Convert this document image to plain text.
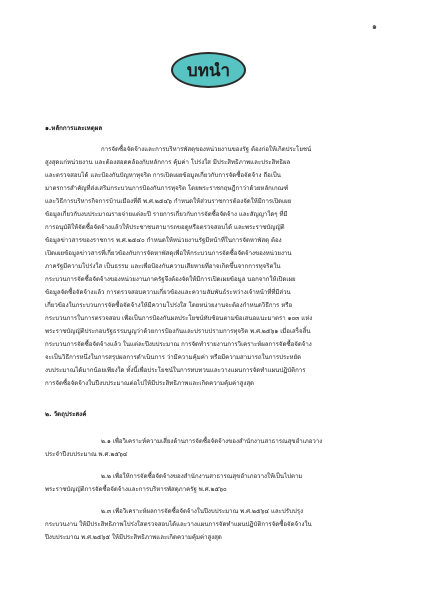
๑
บทนำ
๑.หลักการและเหตุผล
การจัดซื้อจัดจ้างและการบริหารพัสดุของหน่วยงานของรัฐ ต้องก่อให้เกิดประโยชน์
สูงสุดแก่หน่วยงาน และต้องสอดคล้องกับหลักการ คุ้มค่า โปร่งใส มีประสิทธิภาพและประสิทธิผล
และตรวจสอบได้ และป้องกันปัญหาทุจริต การเปิดเผยข้อมูลเกี่ยวกับการจัดซื้อจัดจ้าง ถือเป็น
มาตรการสำคัญที่ส่งเสริมกระบวนการป้องกันการทุจริต โดยพระราชกฤษฎีกาว่าด้วยหลักเกณฑ์
และวิธีการบริหารกิจการบ้านเมืองที่ดี พ.ศ.๒๕๔๖ กำหนดให้ส่วนราชการต้องจัดให้มีการเปิดเผย
ข้อมูลเกี่ยวกับงบประมาณรายจ่ายแต่ละปี รายการเกี่ยวกับการจัดซื้อจัดจ้าง และสัญญาใดๆ ที่มี
การอนุมัติให้จัดซื้อจัดจ้างแล้วให้ประชาชนสามารถขอดูหรือตรวจสอบได้ และพระราชบัญญัติ
ข้อมูลข่าวสารของราชการ พ.ศ.๒๕๔๐ กำหนดให้หน่วยงานรัฐมีหน้าที่ในการจัดหาพัสดุ ต้อง
เปิดเผยข้อมูลข่าวสารที่เกี่ยวข้องกับการจัดหาพัสดุเพื่อให้กระบวนการจัดซื้อจัดจ้างของหน่วยงาน
ภาครัฐมีความโปร่งใส เป็นธรรม และเพื่อป้องกันความเสียหายที่อาจเกิดขึ้นจากการทุจริตใน
กระบวนการจัดซื้อจัดจ้างของหน่วยงานภาครัฐจึงต้องจัดให้มีการเปิดเผยข้อมูล นอกจากให้เปิดเผย
ข้อมูลจัดซื้อจัดจ้างแล้ว การตรวจสอบความเกี่ยวข้องและความสัมพันธ์ระหว่างเจ้าหน้าที่ที่มีส่วน
เกี่ยวข้องในกระบวนการจัดซื้อจัดจ้างให้มีความโปร่งใส โดยหน่วยงานจะต้องกำหนดวิธีการ หรือ
กระบวนการในการตรวจสอบ เพื่อเป็นการป้องกันผลประโยชน์ทับซ้อนตามข้อเสนอแนะมาตรา ๑๐๓ แห่ง
พระราชบัญญัติประกอบรัฐธรรมนูญว่าด้วยการป้องกันและปราบปรามการทุจริต พ.ศ.๒๕๖๑ เมื่อเสร็จสิ้น
กระบวนการจัดซื้อจัดจ้างแล้ว ในแต่ละปีงบประมาณ การจัดทำรายงานการวิเคราะห์ผลการจัดซื้อจัดจ้าง
จะเป็นวิธีการหนึ่งในการสรุปผลการดำเนินการ ว่ามีความคุ้มค่า หรือมีความสามารถในการประหยัด
งบประมาณได้มากน้อยเพียงใด ทั้งนี้เพื่อประโยชน์ในการทบทวนและวางแผนการจัดทำแผนปฏิบัติการ
การจัดซื้อจัดจ้างในปีงบประมาณต่อไปให้มีประสิทธิภาพและเกิดความคุ้มค่าสูงสุด
๒. วัตถุประสงค์
๒.๑ เพื่อวิเคราะห์ความเสี่ยงด้านการจัดซื้อจัดจ้างของสำนักงานสาธารณสุขอำเภอวาง
ประจำปีงบประมาณ พ.ศ.๒๕๖๔
๒.๒ เพื่อให้การจัดซื้อจัดจ้างของสำนักงานสาธารณสุขอำเภอวางให้เป็นไปตาม
พระราชบัญญัติการจัดซื้อจัดจ้างและการบริหารพัสดุภาครัฐ พ.ศ.๒๕๖๐
๒.๓ เพื่อวิเคราะห์ผลการจัดซื้อจัดจ้างในปีงบประมาณ พ.ศ.๒๕๖๔ และปรับปรุง
กระบวนงาน ให้มีประสิทธิภาพโปร่งใสตรวจสอบได้และวางแผนการจัดทำแผนปฏิบัติการจัดซื้อจัดจ้างใน
ปีงบประมาณ พ.ศ.๒๕๖๕ ให้มีประสิทธิภาพและเกิดความคุ้มค่าสูงสุด
